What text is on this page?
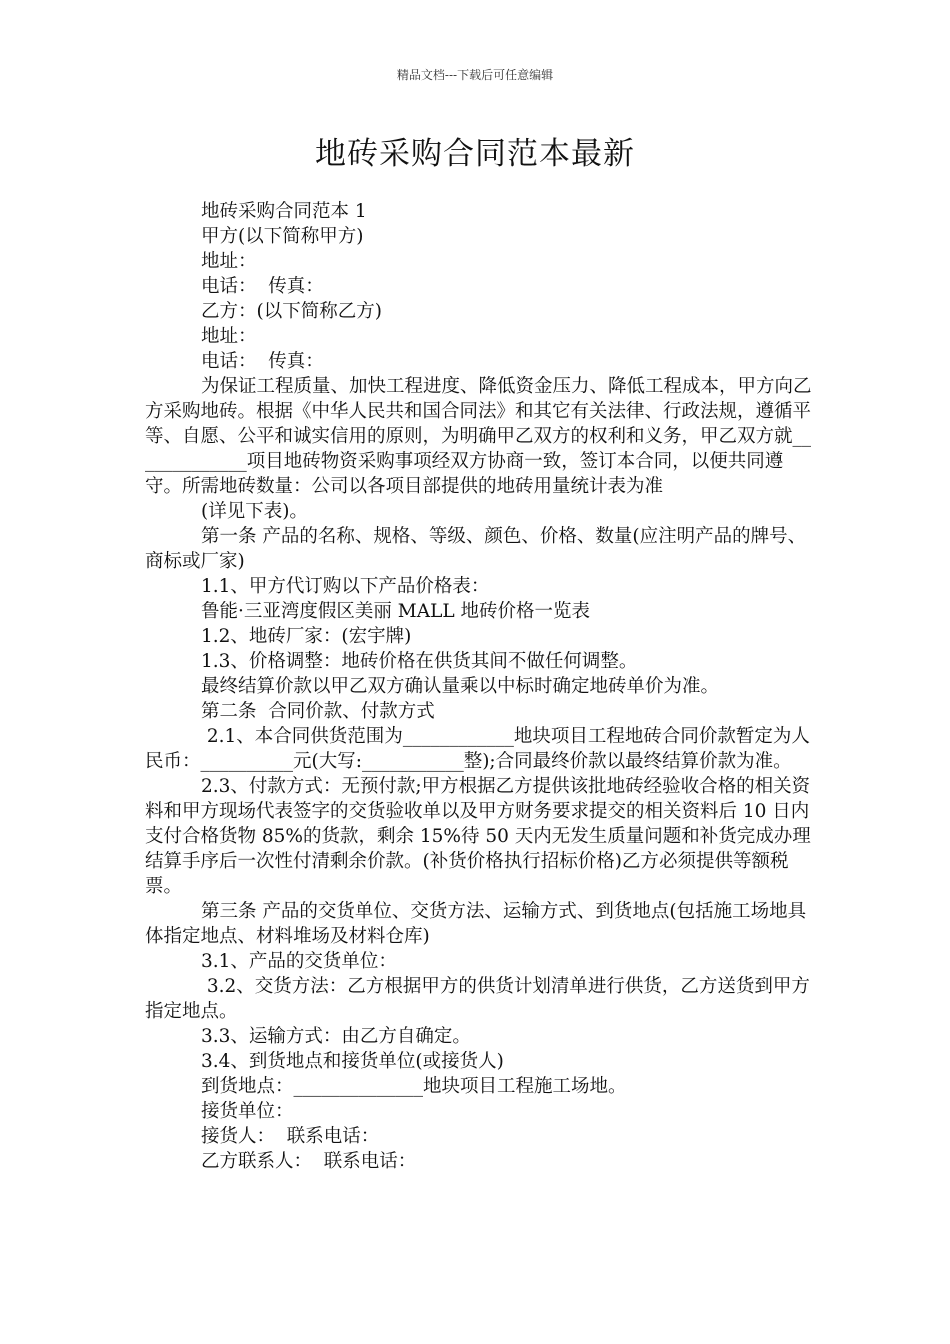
精品文档---下载后可任意编辑
地砖采购合同范本最新

地砖采购合同范本 1

甲方(以下简称甲方)

地址：

电话：  传真：

乙方：(以下简称乙方)

地址：

电话：  传真：

为保证工程质量、加快工程进度、降低资金压力、降低工程成本，甲方向乙方采购地砖。根据《中华人民共和国合同法》和其它有关法律、行政法规，遵循平等、自愿、公平和诚实信用的原则，为明确甲乙双方的权利和义务，甲乙双方就_____________项目地砖物资采购事项经双方协商一致，签订本合同，以便共同遵守。所需地砖数量：公司以各项目部提供的地砖用量统计表为准

(详见下表)。

第一条 产品的名称、规格、等级、颜色、价格、数量(应注明产品的牌号、商标或厂家)

1.1、甲方代订购以下产品价格表：

鲁能·三亚湾度假区美丽 MALL 地砖价格一览表

1.2、地砖厂家：(宏宇牌)

1.3、价格调整：地砖价格在供货其间不做任何调整。

最终结算价款以甲乙双方确认量乘以中标时确定地砖单价为准。

第二条  合同价款、付款方式

2.1、本合同供货范围为____________地块项目工程地砖合同价款暂定为人民币：__________元(大写:___________整);合同最终价款以最终结算价款为准。

2.3、付款方式：无预付款;甲方根据乙方提供该批地砖经验收合格的相关资料和甲方现场代表签字的交货验收单以及甲方财务要求提交的相关资料后 10 日内支付合格货物 85%的货款，剩余 15%待 50 天内无发生质量问题和补货完成办理结算手序后一次性付清剩余价款。(补货价格执行招标价格)乙方必须提供等额税票。

第三条 产品的交货单位、交货方法、运输方式、到货地点(包括施工场地具体指定地点、材料堆场及材料仓库)

3.1、产品的交货单位：

3.2、交货方法：乙方根据甲方的供货计划清单进行供货，乙方送货到甲方指定地点。

3.3、运输方式：由乙方自确定。

3.4、到货地点和接货单位(或接货人)

到货地点：______________地块项目工程施工场地。

接货单位：

接货人：  联系电话：

乙方联系人：  联系电话：
